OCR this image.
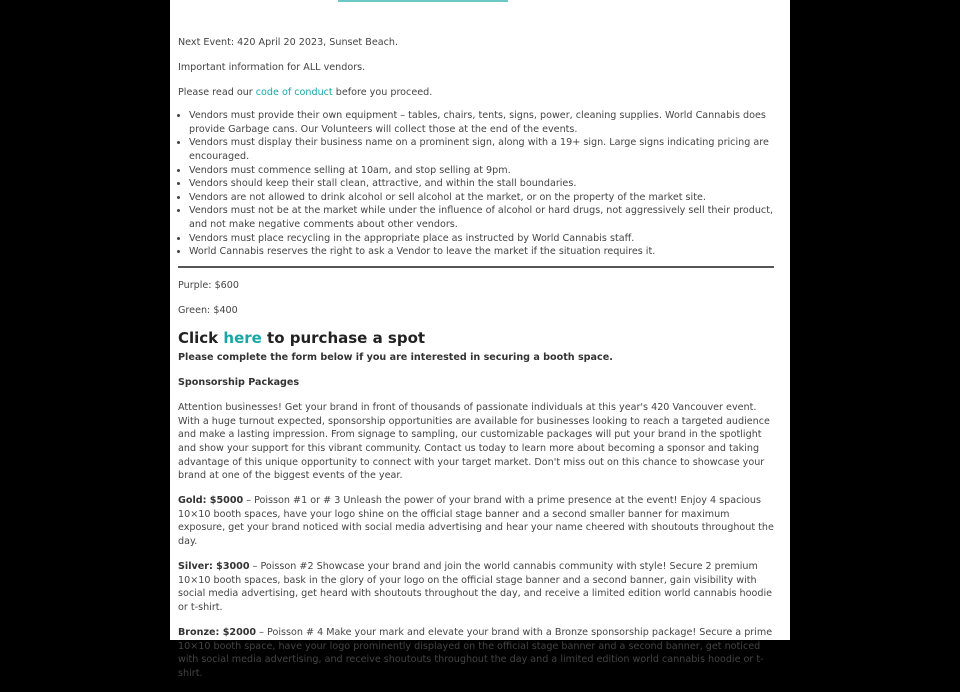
Next Event: 420 April 20 2023, Sunset Beach.

Important information for ALL vendors.

Please read our code of conduct before you proceed.

• Vendors must provide their own equipment – tables, chairs, tents, signs, power, cleaning supplies. World Cannabis does provide Garbage cans. Our Volunteers will collect those at the end of the events.
• Vendors must display their business name on a prominent sign, along with a 19+ sign. Large signs indicating pricing are encouraged.
• Vendors must commence selling at 10am, and stop selling at 9pm.
• Vendors should keep their stall clean, attractive, and within the stall boundaries.
• Vendors are not allowed to drink alcohol or sell alcohol at the market, or on the property of the market site.
• Vendors must not be at the market while under the influence of alcohol or hard drugs, not aggressively sell their product, and not make negative comments about other vendors.
• Vendors must place recycling in the appropriate place as instructed by World Cannabis staff.
• World Cannabis reserves the right to ask a Vendor to leave the market if the situation requires it.

Purple: $600

Green: $400

Click here to purchase a spot

Please complete the form below if you are interested in securing a booth space.

Sponsorship Packages

Attention businesses! Get your brand in front of thousands of passionate individuals at this year's 420 Vancouver event. With a huge turnout expected, sponsorship opportunities are available for businesses looking to reach a targeted audience and make a lasting impression. From signage to sampling, our customizable packages will put your brand in the spotlight and show your support for this vibrant community. Contact us today to learn more about becoming a sponsor and taking advantage of this unique opportunity to connect with your target market. Don't miss out on this chance to showcase your brand at one of the biggest events of the year.

Gold: $5000 – Poisson #1 or # 3 Unleash the power of your brand with a prime presence at the event! Enjoy 4 spacious 10×10 booth spaces, have your logo shine on the official stage banner and a second smaller banner for maximum exposure, get your brand noticed with social media advertising and hear your name cheered with shoutouts throughout the day.

Silver: $3000 – Poisson #2 Showcase your brand and join the world cannabis community with style! Secure 2 premium 10×10 booth spaces, bask in the glory of your logo on the official stage banner and a second banner, gain visibility with social media advertising, get heard with shoutouts throughout the day, and receive a limited edition world cannabis hoodie or t-shirt.

Bronze: $2000 – Poisson # 4 Make your mark and elevate your brand with a Bronze sponsorship package! Secure a prime 10×10 booth space, have your logo prominently displayed on the official stage banner and a second banner, get noticed with social media advertising, and receive shoutouts throughout the day and a limited edition world cannabis hoodie or t-shirt.
